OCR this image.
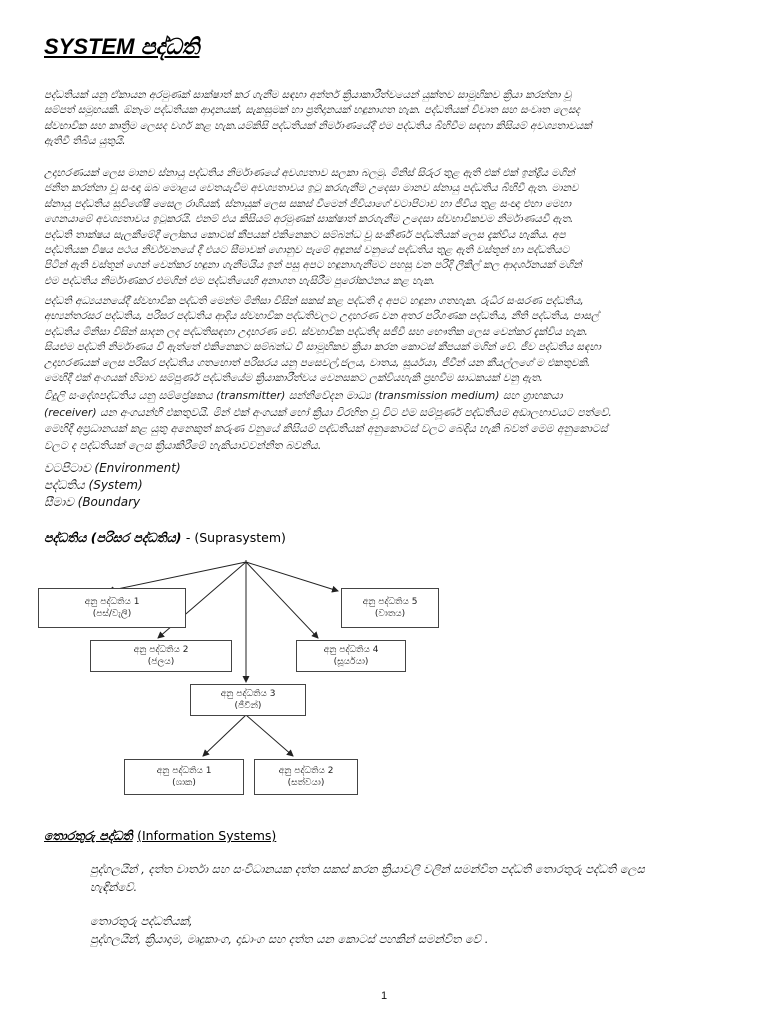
SYSTEM පද්ධති

පද්ධතියක් යනු ඒකායන අරමුණක් සාක්ෂාත් කර ගැනීම සඳහා අන්තර් ක්‍රියාකාරීත්වයෙන් යුක්තව සාමූහිකව ක්‍රියා කරන්නා වූ

සම්පත් සමූහයකි. ඕනෑම පද්ධතියක ආදානයක්, සැකසුමක් හා ප්‍රතිදානයක් හඳුනාගත හැක. පද්ධතියක් විවෘත සහ සංවෘත ලෙසද

ස්වභාවික සහ කෘත්‍රිම ලෙසද වර්ග කළ හැක.යම්කිසි පද්ධතියක් නිර්මාණයේදී එම පද්ධතිය බිහිවීම සඳහා කිසියම් අවශ්‍යතාවයක්

ඇතිවී තිබිය යුතුයි.

උදාහරණයක් ලෙස මානව ස්නායු පද්ධතිය නිර්මාණයේ අවශ්‍යතාව සලකා බලමු. මිනිස් සිරුර තුළ ඇති එක් එක් ඉන්ද්‍රිය මගින්

ජනිත කරන්නා වූ සංඥා ඔබ මොළය වෙතයැවීම අවශ්‍යතාවය ඉටු කරගැනීම උදෙසා මානව ස්නායු පද්ධතිය බිහිවී ඇත. මානව

ස්නායු පද්ධතිය සුවිශේෂී සෛල රාශියක්, ස්නායුක් ලෙස සකස් වීමෙන් ජීවියාගේ වටාපිටාව හා ජීවිය තුළ සංඥා එහා මෙහා

ගෙනයාමේ අවශ්‍යතාවය ඉටුකරයි. එනම් එය කිසියම් අරමුණක් සාක්ෂාත් කරගැනීම උදෙසා ස්වභාවිකවම නිර්මාණයවී ඇත.

පද්ධති තාක්ෂය සැලකීමේදී ලෝකය කොටස් කීපයක් එකිනෙකට සම්බන්ධ වූ සංකීර්ණ පද්ධතියක් ලෙස දැක්විය හැකිය. අප

පද්ධතියක විෂය පථය නිර්වචනයේ දී එයට සීමාවක් ගොනුව පැමේ අඳුනස් වනුයේ පද්ධතිය තුළ ඇති වස්තූන් හා පද්ධතියට

පිටින් ඇති වස්තූන් ගෙන් වෙන්කර හඳුනා ගැනීමයිය ඉන් පසු අපට හඳුනාගැනීමට පහසු වන පරිදි ලීකිල් කල ආදර්ශනයක් මගින්

එම පද්ධතිය නිර්මාණකර එමගින් එම පද්ධතියෙහි අනාගත හැසිරීම පුරෝකථනය කළ හැක.

පද්ධති අධ්‍යයනයේදී ස්වභාවික පද්ධති මෙන්ම මිනිසා විසින් සකස් කළ පද්ධති ද අපට හඳුනා ගතහැක. රුධිර සංසරණ පද්ධතිය,

අභ්‍යන්තරසර පද්ධතිය, පරිසර පද්ධතිය ආදිය ස්වභාවික පද්ධතිවලට උදාහරණ වන අතර පරිගණක පද්ධතිය, නීති පද්ධතිය, පාසල්

පද්ධතිය මිනිසා විසින් සාදන ලද පද්ධතිසඳහා උදාහරණ වේ. ස්වභාවික පද්ධතිද සජීවී සහ භෞතික ලෙස වෙන්කර දැක්විය හැක.

සියළුම පද්ධති නිර්මාණය වී ඇත්තේ එකිනෙකට සම්බන්ධ වී සාමූහිකව ක්‍රියා කරන කොටස් කීපයක් මගින් වේ. ජීව පද්ධතිය සඳහා

උදාහරණයක් ලෙස පරිසර පද්ධතිය ගතහොත් පරිසරය යනු පසෙවල්,ජලය, වාතය, සූර්යයා, ජීවීන් යන කීයල්ලගේ ම එකතුවකි.

මෙහිදී එක් අංගයක් හිමාව සම්පූර්ණ පද්ධතියේම ක්‍රියාකාරීත්වය වෙනසකට ලක්වියහැකි ප්‍රභවීම සාධකයක් වනු ඇත.

විදුලි සංදේශපද්ධතිය යනු සම්ප්‍රේෂකය (transmitter) සන්නිවේදන මාධ්‍ය (transmission medium) සහ ග්‍රාහකයා

(receiver) යන අංගයන්හි එකතුවයි. මින් එක් අංගයක් හෝ ක්‍රියා විරහිත වූ විට එම සම්පූර්ණ පද්ධතියම අඩාලභාවයට පත්වේ.

මෙහිදී අප්‍රධානයක් කළ යුතු අනෙකුත් කරුණ වනුයේ කිසියම් පද්ධතියක් අනුකොටස් වලට බෙදිය හැකි බවත් මෙම අනුකොටස්

වලට ද පද්ධතියක් ලෙස ක්‍රියාකිරීමේ හැකියාවවන්නිත බවනිය.

වටපිටාව (Environment)
පද්ධතිය (System)
සීමාව (Boundary
පද්ධතිය (පරිසර පද්ධතිය) - (Suprasystem)
අනු පද්ධතිය 1
(පස්/වැලි)
අනු පද්ධතිය 5
(වාතය)
අනු පද්ධතිය 2
(ජලය)
අනු පද්ධතිය 4
(සූර්යයා)
අනු පද්ධතිය 3
(ජීවීන්)
අනු පද්ධතිය 1
(ශාක)
අනු පද්ධතිය 2
(සත්වයා)
තොරතුරු පද්ධති (Information Systems)

පුද්ගලයින් , දත්ත වාර්තා සහ සංවිධානයක දත්ත සකස් කරන ක්‍රියාවලි වලින් සමන්විත පද්ධති තොරතුරු පද්ධති ලෙස

හැඳින්වේ.

තොරතුරු පද්ධතියක්,

පුද්ගලයින්, ක්‍රියාදාම, මෘදුකාංග, දෘඩාංග සහ දත්ත යන කොටස් පහකින් සමන්විත වේ .

1
